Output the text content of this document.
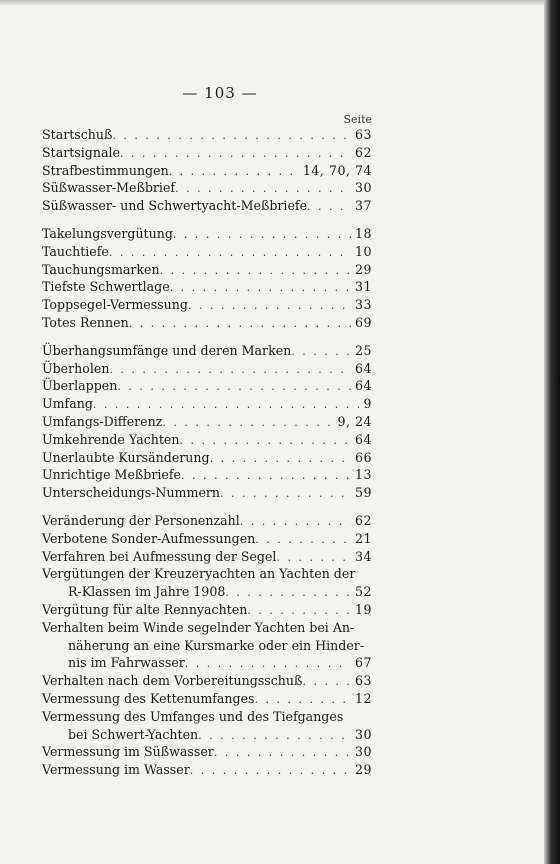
— 103 —
Seite
Startschuß . . .	63
Startsignale . . .	62
Strafbestimmungen . . .	14, 70, 74
Süßwasser-Meßbrief . . .	30
Süßwasser- und Schwertyacht-Meßbriefe . . .	37
Takelungsvergütung . . .	18
Tauchtiefe . . .	10
Tauchungsmarken . . .	29
Tiefste Schwertlage . . .	31
Toppsegel-Vermessung . . .	33
Totes Rennen . . .	69
Überhangsumfänge und deren Marken . . .	25
Überholen . . .	64
Überlappen . . .	64
Umfang . . .	9
Umfangs-Differenz . . .	9, 24
Umkehrende Yachten . . .	64
Unerlaubte Kursänderung . . .	66
Unrichtige Meßbriefe . . .	13
Unterscheidungs-Nummern . . .	59
Veränderung der Personenzahl . . .	62
Verbotene Sonder-Aufmessungen . . .	21
Verfahren bei Aufmessung der Segel . . .	34
Vergütungen der Kreuzeryachten an Yachten der
R-Klassen im Jahre 1908 . . .	52
Vergütung für alte Rennyachten . . .	19
Verhalten beim Winde segelnder Yachten bei An-
näherung an eine Kursmarke oder ein Hinder-
nis im Fahrwasser . . .	67
Verhalten nach dem Vorbereitungsschuß . . .	63
Vermessung des Kettenumfanges . . .	12
Vermessung des Umfanges und des Tiefganges
bei Schwert-Yachten . . .	30
Vermessung im Süßwasser . . .	30
Vermessung im Wasser . . .	29
